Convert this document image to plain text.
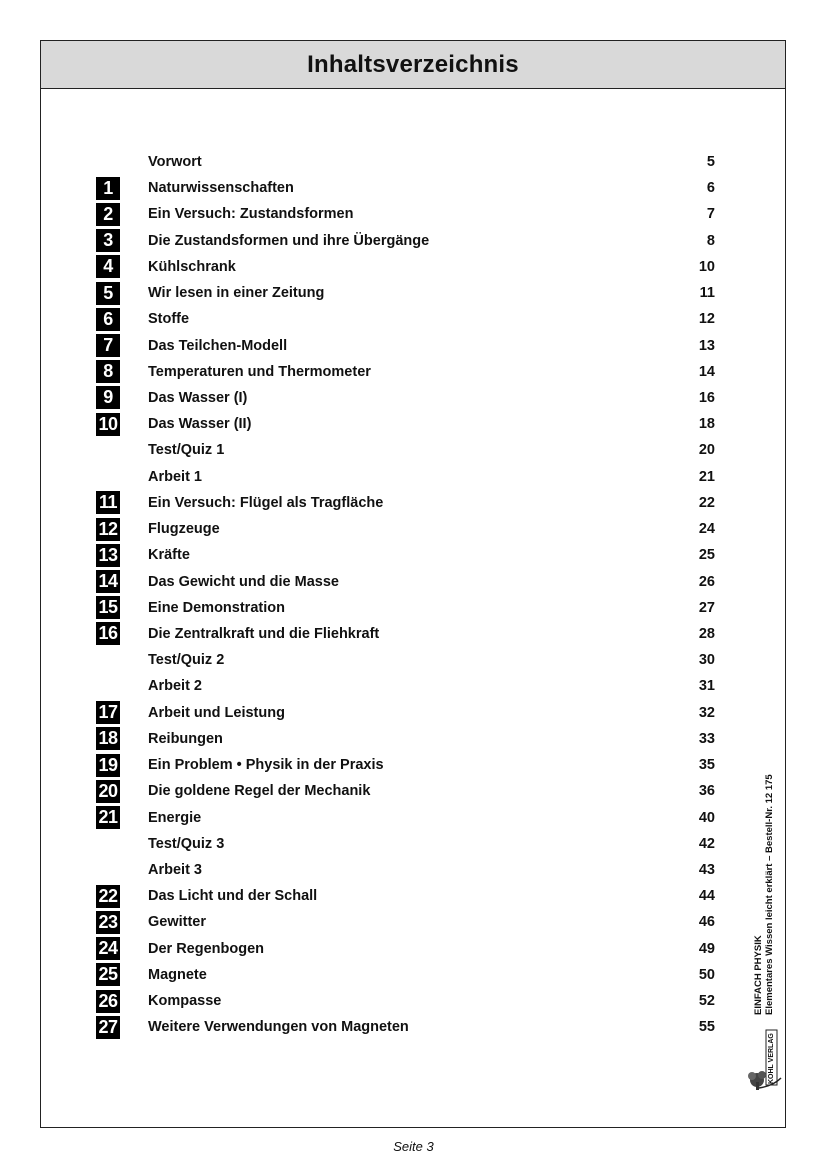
Inhaltsverzeichnis
Vorwort	5
1	Naturwissenschaften	6
2	Ein Versuch: Zustandsformen	7
3	Die Zustandsformen und ihre Übergänge	8
4	Kühlschrank	10
5	Wir lesen in einer Zeitung	11
6	Stoffe	12
7	Das Teilchen-Modell	13
8	Temperaturen und Thermometer	14
9	Das Wasser (I)	16
10 Das Wasser (II)	18
Test/Quiz 1	20
Arbeit 1	21
11 Ein Versuch: Flügel als Tragfläche	22
12 Flugzeuge	24
13 Kräfte	25
14 Das Gewicht und die Masse	26
15 Eine Demonstration	27
16 Die Zentralkraft und die Fliehkraft	28
Test/Quiz 2	30
Arbeit 2	31
17 Arbeit und Leistung	32
18 Reibungen	33
19 Ein Problem • Physik in der Praxis	35
20 Die goldene Regel der Mechanik	36
21 Energie	40
Test/Quiz 3	42
Arbeit 3	43
22 Das Licht und der Schall	44
23 Gewitter	46
24 Der Regenbogen	49
25 Magnete	50
26 Kompasse	52
27 Weitere Verwendungen von Magneten	55
EINFACH PHYSIK Elementares Wissen leicht erklärt – Bestell-Nr. 12 175
KOHL VERLAG
Seite 3
